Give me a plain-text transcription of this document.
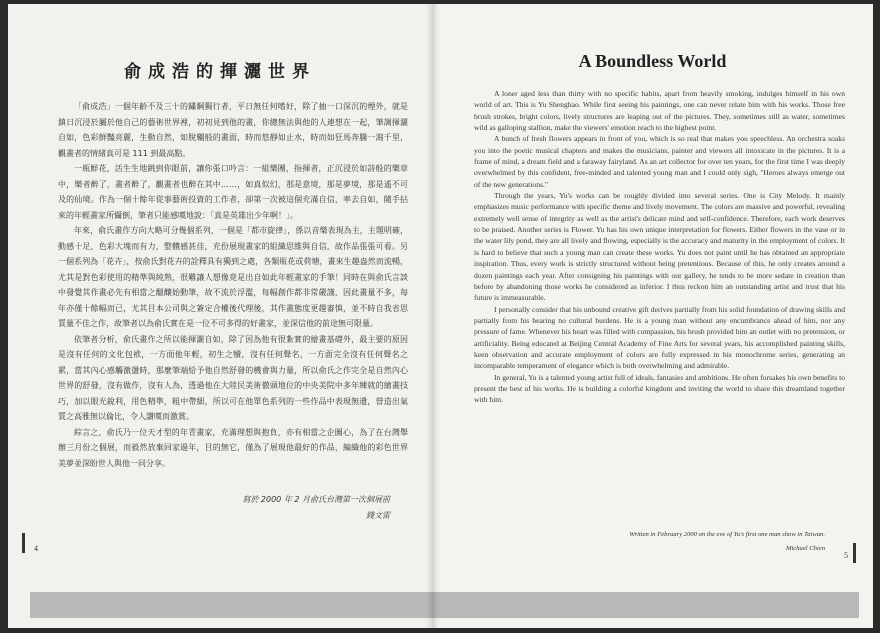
俞成浩的揮灑世界

「俞成浩」一個年齡不及三十的鏽鋼獨行者，平日無任何嗜好，除了抽一口深沉的煙外，就是鎮日沉浸於屬於他自己的藝術世界裡，初初見到他的畫，你總無法與他的人連想在一起，筆調揮灑自如，色彩鮮豔亮麗，生動自然，如脫韁般的畫面，時而悠靜如止水，時而如狂馬奔騰一瀉千里，觀畫者的情緒真可是 111 到最高點。

一瓶鮮花，活生生地跳到你眼前，讓你張口吟言：一組樂團，指揮者，正沉浸於如詩般的樂章中，樂者醉了，畫者醉了，觀畫者也醉在其中……，如真似幻，那是意境，那是夢境，那是遙不可及的仙境。作為一個十餘年從事藝術投資的工作者，卻第一次被這個充滿自信，率去自如，隨手拈來的年輕畫家所懾倒，筆者只能感嘆地說：「真是英雄出少年啊！」。

年來，俞氏畫作方向大略可分幾個系列，一個是「都市旋律」，係以音樂表現為主，主題明確，動感十足，色彩大塊而有力，整體感甚佳，充份展現畫家的組織思維與自信，故作品張張可看。另一個系列為「花卉」，按俞氏對花卉的詮釋具有獨到之處，各類瓶花或荷塘，畫來生趣盎然而流暢，尤其是對色彩使用的精準與純熟，很難讓人想像竟是出自如此年輕畫家的手筆！同時在與俞氏言談中發覺其作畫必先有相當之醞釀始動筆，故不流於浮濫，每幅創作都非常嚴謹，因此畫量不多，每年亦僅十餘幅而已，尤其目本公司與之簽定合權後代理後，其作畫態度更趨審慎，並不時自我省思質量不佳之作，故筆者以為俞氏實在是一位不可多得的好畫家，並深信他的前途無可限量。

依筆者分析，俞氏畫作之所以能揮灑自如，除了因為他有很紮實的繪畫基礎外，最主要的原因是沒有任何的文化包袱，一方面他年輕，初生之犢，沒有任何聲名，一方面完全沒有任何聲名之累，當其內心感觸激盪時，那麼筆端給予他自然舒發的機會與力量，所以俞氏之作完全是自然內心世界的舒發，沒有做作，沒有人為，透過他在大陸民美術徹頭地位的中央美院中多年練就的繪畫技巧，加以眼光銳利，用色精準，粗中帶細，所以可在他單色系列的一些作品中表現無遺，營造出氣質之高雅無以倫比，令人讚嘆而激賞。

綜言之，俞氏乃一位天才型的年青畫家，充滿理想與抱負，亦有相當之企圖心，為了在台灣舉辦三月份之個展，而毅然放棄回家過年，目的無它，僅為了展現他最好的作品，編織他的彩色世界美夢並深盼世人與他一同分享。

寫於 2000 年 2 月俞氏台灣第一次個展前
錢文雷
4
A Boundless World

A loner aged less than thirty with no specific habits, apart from heavily smoking, indulges himself in his own world of art. This is Yu Shenghao. While first seeing his paintings, one can never relate him with his works. Those free brush strokes, bright colors, lively structures are leaping out of the pictures. They, sometimes still as water, sometimes wild as galloping stallion, make the viewers' emotion reach to the highest point.

A bunch of fresh flowers appears in front of you, which is so real that makes you speechless. An orchestra soaks you into the poetic musical chapters and makes the musicians, painter and viewers all intoxicate in the pictures. It is a frame of mind, a dream field and a faraway fairyland. As an art collector for over ten years, for the first time I was deeply overwhelmed by this confident, free-minded and talented young man and I could only sigh, "Heroes always emerge out of the new generations."

Through the years, Yu's works can be roughly divided into several series. One is City Melody. It mainly emphasizes music performance with specific theme and lively movement. The colors are massive and powerful, revealing extremely well sense of integrity as well as the artist's delicate mind and self-confidence. Therefore, each work deserves to be praised. Another series is Flower. Yu has his own unique interpretation for flowers. Either flowers in the vase or in the water lily pond, they are all lively and flowing, especially is the accuracy and maturity in the employment of colors. It is hard to believe that such a young man can create these works. Yu does not paint until he has obtained an appropriate inspiration. Thus, every work is strictly structured without being pretentious. Because of this, he only creates around a dozen paintings each year. After consigning his paintings with our gallery, he tends to be more sedate in creation than before by abandoning those works he considered as inferior. I thus reckon him an outstanding artist and trust that his future is immeasurable.

I personally consider that his unbound creative gift derives partially from his solid foundation of drawing skills and partially from his bearing no cultural burdens. He is a young man without any encumbrance ahead of him, nor any pressure of fame. Whenever his heart was filled with compassion, his brush provided him an outlet with no pretension, or artificiality. Being educated at Beijing Central Academy of Fine Arts for several years, his accomplished painting skills, keen observation and accurate employment of colors are fully expressed in his monochrome series, generating an incomparable temperament of elegance which is both overwhelming and admirable.

In general, Yu is a talented young artist full of ideals, fantasies and ambitions. He often forsakes his own benefits to present the best of his works. He is building a colorful kingdom and inviting the world to share this dreamland together with him.

Written in February 2000 on the eve of Yu's first one man show in Taiwan.
Michael Chien
5
